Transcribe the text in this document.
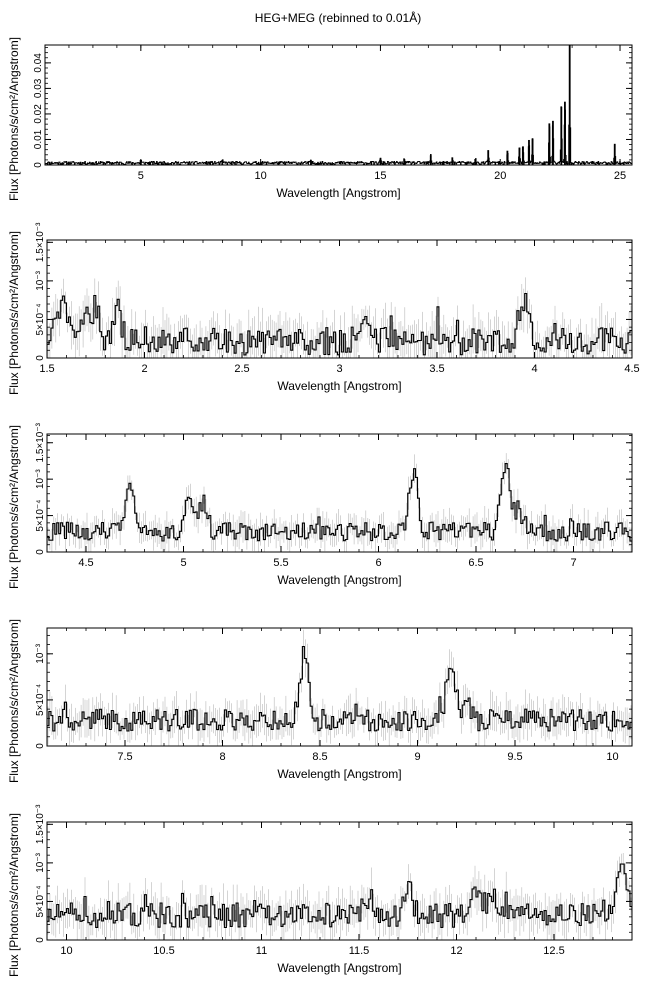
HEG+MEG (rebinned to 0.01Å)
5	10	15	20	25
0
0.01
0.02
0.03
0.04
Wavelength [Angstrom]
Flux [Photons/s/cm²/Angstrom]
1.5	2	2.5	3	3.5	4	4.5
0
5×10⁻⁴
10⁻³
1.5×10⁻³
Wavelength [Angstrom]
Flux [Photons/s/cm²/Angstrom]
4.5	5	5.5	6	6.5	7
0
5×10⁻⁴
10⁻³
1.5×10⁻³
Wavelength [Angstrom]
Flux [Photons/s/cm²/Angstrom]
7.5	8	8.5	9	9.5	10
0
5×10⁻⁴
10⁻³
Wavelength [Angstrom]
Flux [Photons/s/cm²/Angstrom]
10	10.5	11	11.5	12	12.5
0
5×10⁻⁴
10⁻³
1.5×10⁻³
Wavelength [Angstrom]
Flux [Photons/s/cm²/Angstrom]
